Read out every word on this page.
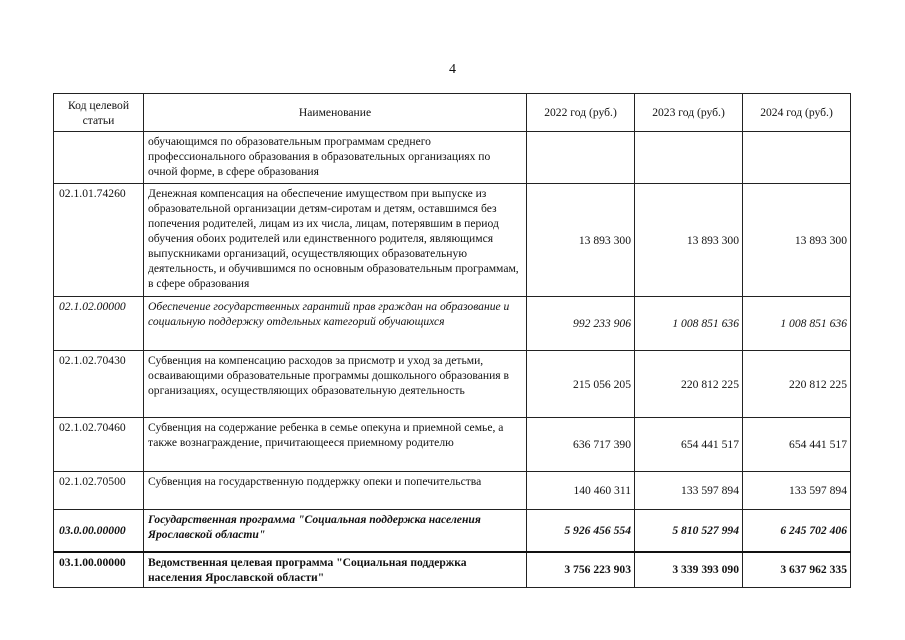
4
Код целевой статьи	Наименование	2022 год (руб.)	2023 год (руб.)	2024 год (руб.)
	обучающимся по образовательным программам среднего профессионального образования в образовательных организациях по очной форме, в сфере образования			
02.1.01.74260	Денежная компенсация на обеспечение имуществом при выпуске из образовательной организации детям-сиротам и детям, оставшимся без попечения родителей, лицам из их числа, лицам, потерявшим в период обучения обоих родителей или единственного родителя, являющимся выпускниками организаций, осуществляющих образовательную деятельность, и обучившимся по основным образовательным программам, в сфере образования	13 893 300	13 893 300	13 893 300
02.1.02.00000	Обеспечение государственных гарантий прав граждан на образование и социальную поддержку отдельных категорий обучающихся	992 233 906	1 008 851 636	1 008 851 636
02.1.02.70430	Субвенция на компенсацию расходов за присмотр и уход за детьми, осваивающими образовательные программы дошкольного образования в организациях, осуществляющих образовательную деятельность	215 056 205	220 812 225	220 812 225
02.1.02.70460	Субвенция на содержание ребенка в семье опекуна и приемной семье, а также вознаграждение, причитающееся приемному родителю	636 717 390	654 441 517	654 441 517
02.1.02.70500	Субвенция на государственную поддержку опеки и попечительства	140 460 311	133 597 894	133 597 894
03.0.00.00000	Государственная программа "Социальная поддержка населения Ярославской области"	5 926 456 554	5 810 527 994	6 245 702 406
03.1.00.00000	Ведомственная целевая программа "Социальная поддержка населения Ярославской области"	3 756 223 903	3 339 393 090	3 637 962 335
